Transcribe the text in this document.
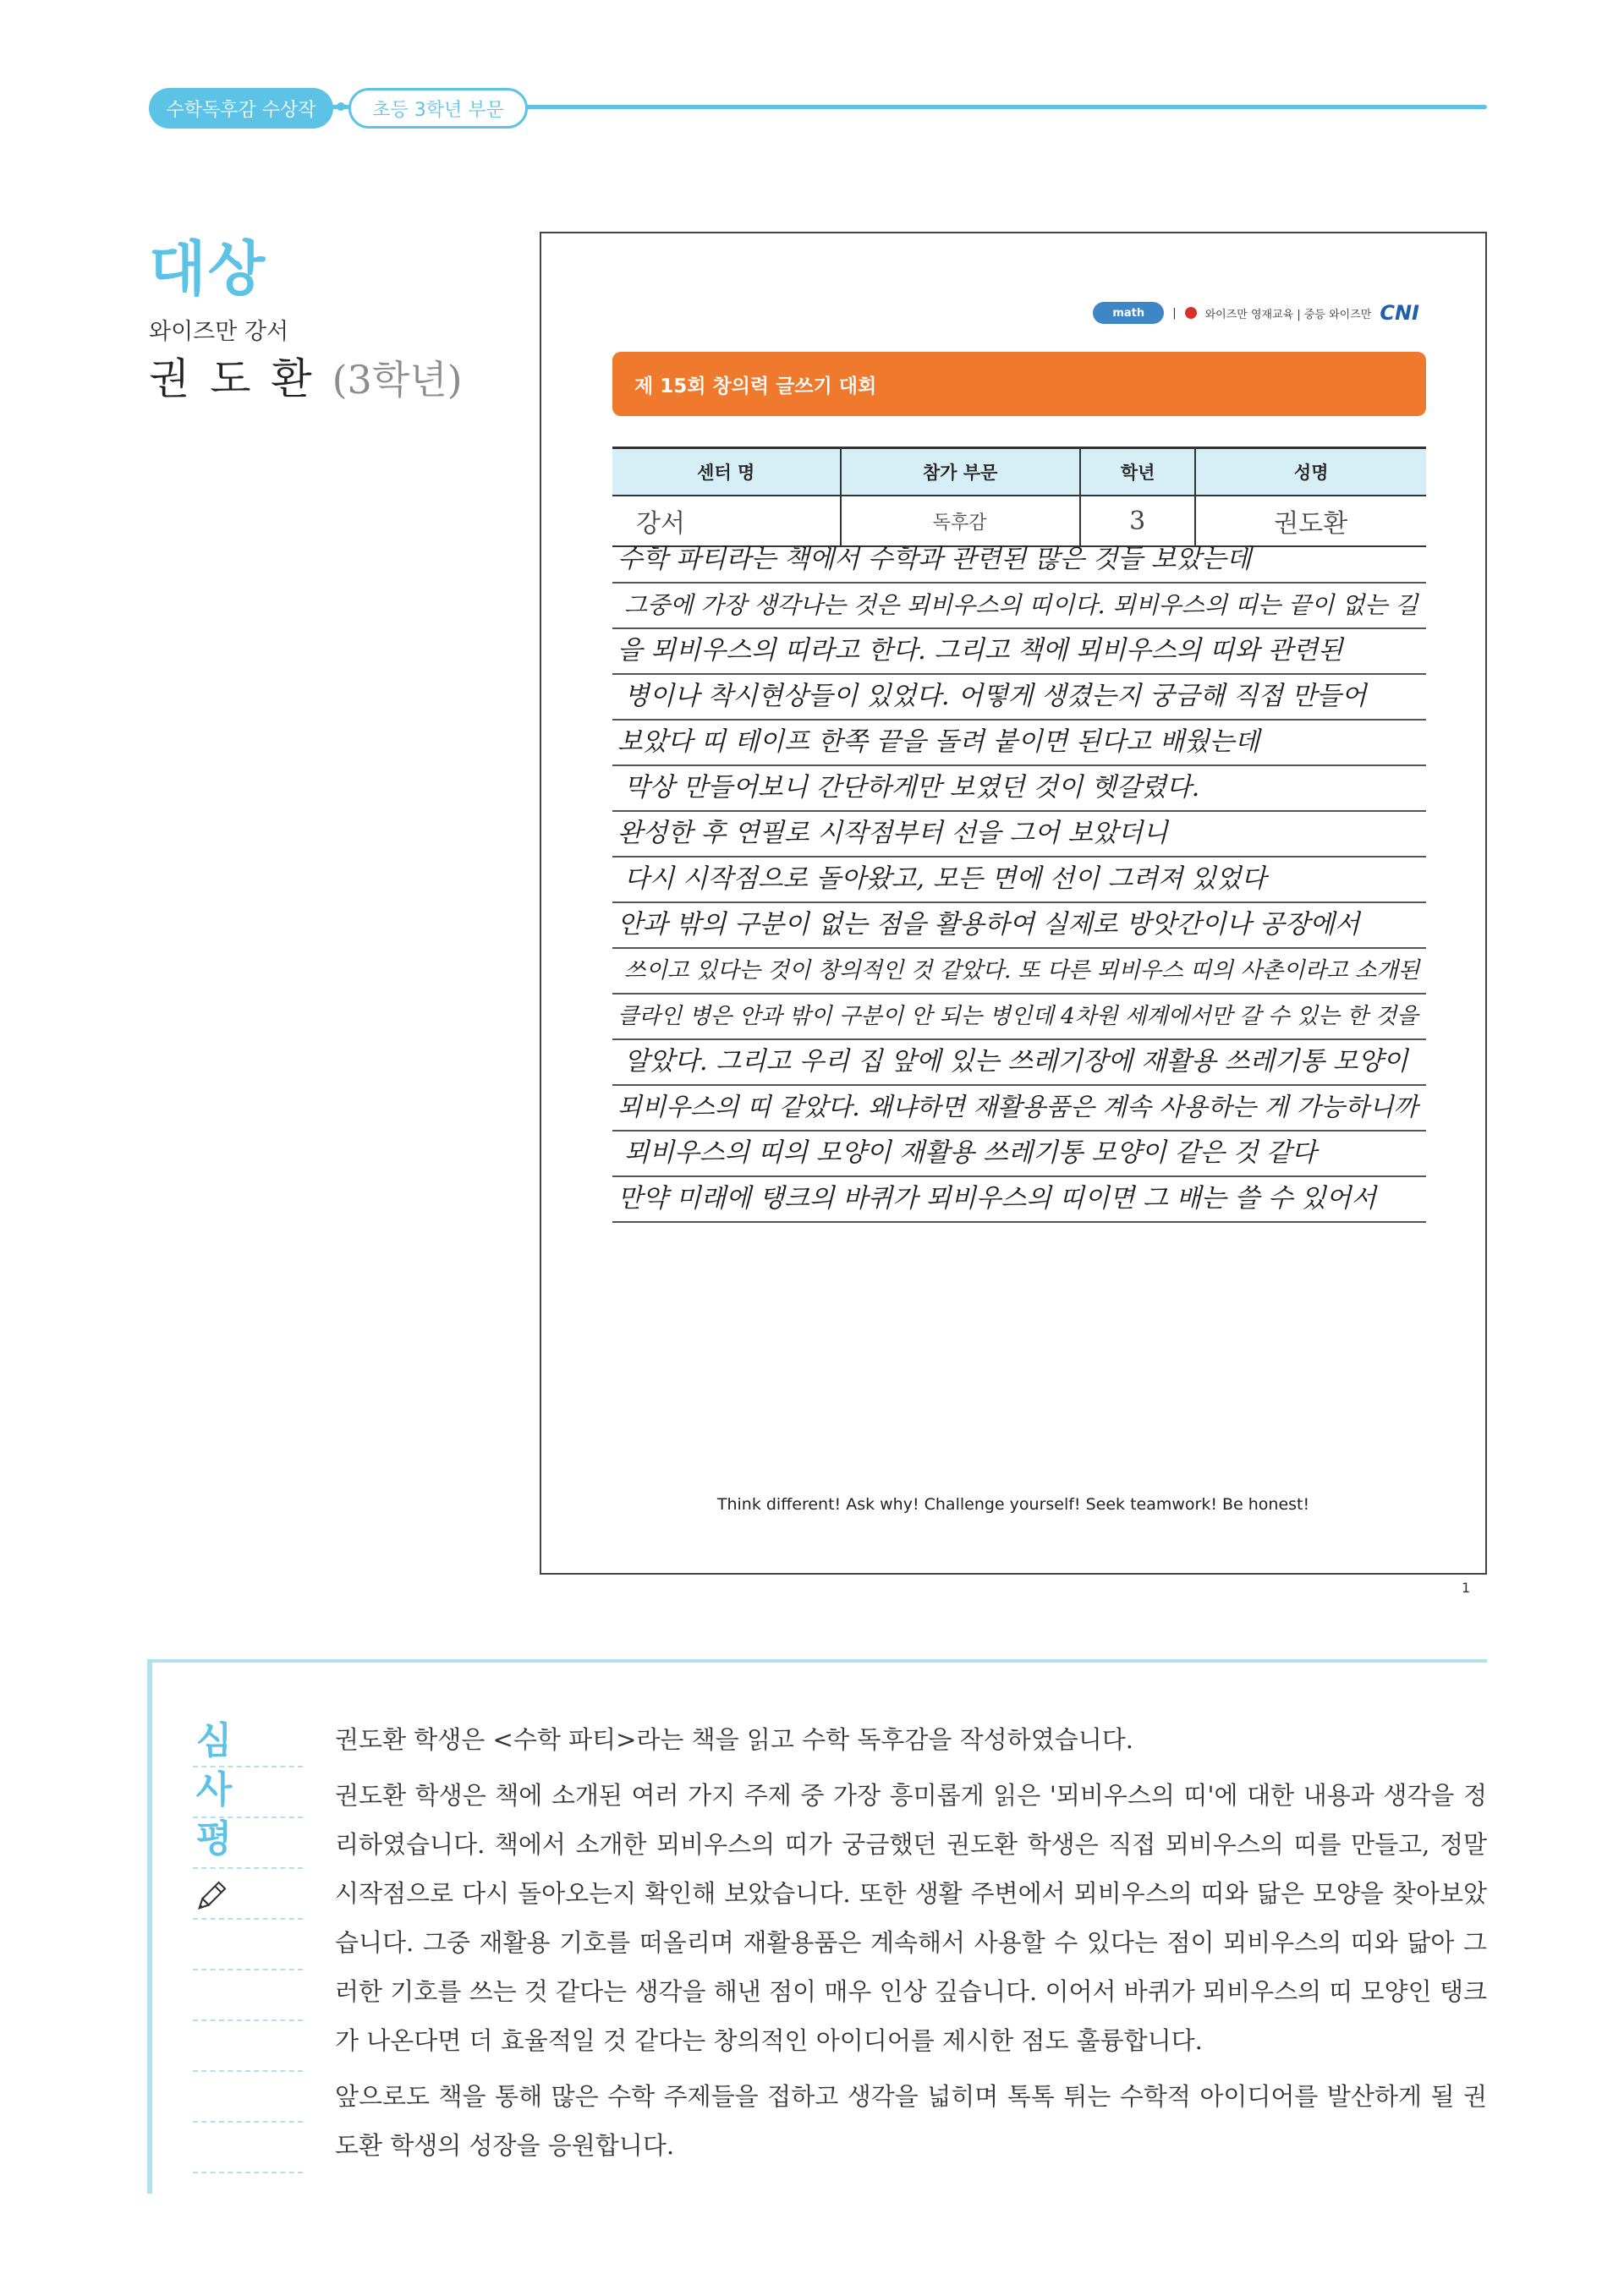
수학독후감 수상작	초등 3학년 부문
대상
와이즈만 강서
권 도 환 (3학년)
math	|	와이즈만 영재교육 | 중등 와이즈만 CNI
제 15회 창의력 글쓰기 대회
센터 명	참가 부문	학년	성명
강서	독후감	3	권도환
수학 파티라는 책에서 수학과 관련된 많은 것들 보았는데
그중에 가장 생각나는 것은 뫼비우스의 띠이다. 뫼비우스의 띠는 끝이 없는 길
을 뫼비우스의 띠라고 한다. 그리고 책에 뫼비우스의 띠와 관련된
병이나 착시현상들이 있었다. 어떻게 생겼는지 궁금해 직접 만들어
보았다 띠 테이프 한쪽 끝을 돌려 붙이면 된다고 배웠는데
막상 만들어보니 간단하게만 보였던 것이 헷갈렸다.
완성한 후 연필로 시작점부터 선을 그어 보았더니
다시 시작점으로 돌아왔고, 모든 면에 선이 그려져 있었다
안과 밖의 구분이 없는 점을 활용하여 실제로 방앗간이나 공장에서
쓰이고 있다는 것이 창의적인 것 같았다. 또 다른 뫼비우스 띠의 사촌이라고 소개된
클라인 병은 안과 밖이 구분이 안 되는 병인데 4차원 세계에서만 갈 수 있는 한 것을
알았다. 그리고 우리 집 앞에 있는 쓰레기장에 재활용 쓰레기통 모양이
뫼비우스의 띠 같았다. 왜냐하면 재활용품은 계속 사용하는 게 가능하니까
뫼비우스의 띠의 모양이 재활용 쓰레기통 모양이 같은 것 같다
만약 미래에 탱크의 바퀴가 뫼비우스의 띠이면 그 배는 쓸 수 있어서
Think different! Ask why! Challenge yourself! Seek teamwork! Be honest!
1
심
사
평

권도환 학생은 <수학 파티>라는 책을 읽고 수학 독후감을 작성하였습니다.

권도환 학생은 책에 소개된 여러 가지 주제 중 가장 흥미롭게 읽은 '뫼비우스의 띠'에 대한 내용과 생각을 정리하였습니다. 책에서 소개한 뫼비우스의 띠가 궁금했던 권도환 학생은 직접 뫼비우스의 띠를 만들고, 정말 시작점으로 다시 돌아오는지 확인해 보았습니다. 또한 생활 주변에서 뫼비우스의 띠와 닮은 모양을 찾아보았습니다. 그중 재활용 기호를 떠올리며 재활용품은 계속해서 사용할 수 있다는 점이 뫼비우스의 띠와 닮아 그러한 기호를 쓰는 것 같다는 생각을 해낸 점이 매우 인상 깊습니다. 이어서 바퀴가 뫼비우스의 띠 모양인 탱크가 나온다면 더 효율적일 것 같다는 창의적인 아이디어를 제시한 점도 훌륭합니다.

앞으로도 책을 통해 많은 수학 주제들을 접하고 생각을 넓히며 톡톡 튀는 수학적 아이디어를 발산하게 될 권도환 학생의 성장을 응원합니다.
